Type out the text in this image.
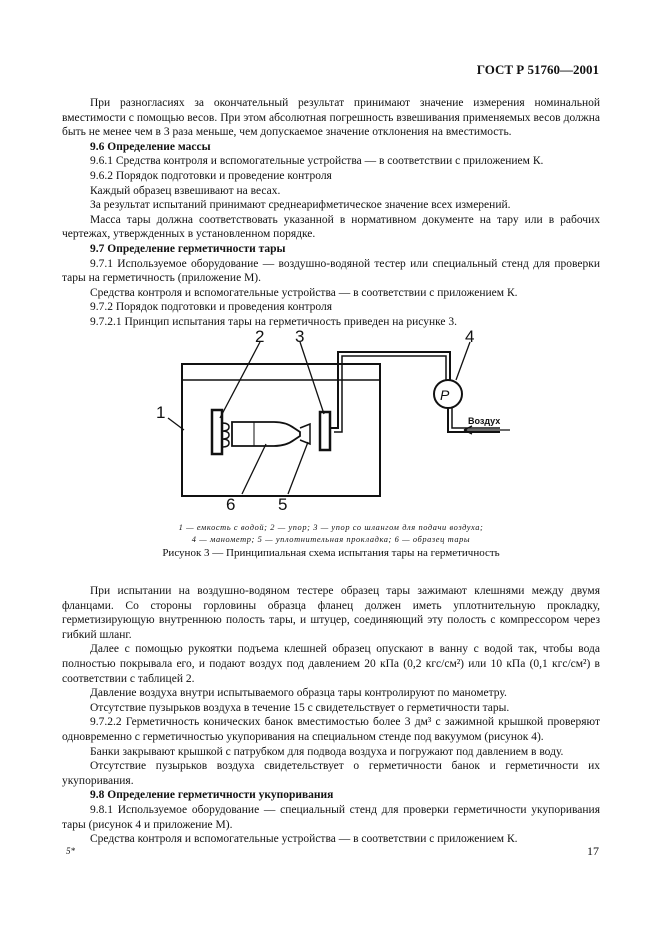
ГОСТ Р 51760—2001

При разногласиях за окончательный результат принимают значение измерения номинальной вместимости с помощью весов. При этом абсолютная погрешность взвешивания применяемых весов должна быть не менее чем в 3 раза меньше, чем допускаемое значение отклонения на вместимость.

9.6 Определение массы

9.6.1 Средства контроля и вспомогательные устройства — в соответствии с приложением К.

9.6.2 Порядок подготовки и проведение контроля

Каждый образец взвешивают на весах.

За результат испытаний принимают среднеарифметическое значение всех измерений.

Масса тары должна соответствовать указанной в нормативном документе на тару или в рабочих чертежах, утвержденных в установленном порядке.

9.7 Определение герметичности тары

9.7.1 Используемое оборудование — воздушно-водяной тестер или специальный стенд для проверки тары на герметичность (приложение М).

Средства контроля и вспомогательные устройства — в соответствии с приложением К.

9.7.2 Порядок подготовки и проведения контроля

9.7.2.1 Принцип испытания тары на герметичность приведен на рисунке 3.

1
2 3	4
6	5
P
Воздух
1 — емкость с водой; 2 — упор; 3 — упор со шлангом для подачи воздуха;
4 — манометр; 5 — уплотнительная прокладка; 6 — образец тары
Рисунок 3 — Принципиальная схема испытания тары на герметичность

При испытании на воздушно-водяном тестере образец тары зажимают клешнями между двумя фланцами. Со стороны горловины образца фланец должен иметь уплотнительную прокладку, герметизирующую внутреннюю полость тары, и штуцер, соединяющий эту полость с компрессором через гибкий шланг.

Далее с помощью рукоятки подъема клешней образец опускают в ванну с водой так, чтобы вода полностью покрывала его, и подают воздух под давлением 20 кПа (0,2 кгс/см²) или 10 кПа (0,1 кгс/см²) в соответствии с таблицей 2.

Давление воздуха внутри испытываемого образца тары контролируют по манометру.

Отсутствие пузырьков воздуха в течение 15 с свидетельствует о герметичности тары.

9.7.2.2 Герметичность конических банок вместимостью более 3 дм³ с зажимной крышкой проверяют одновременно с герметичностью укупоривания на специальном стенде под вакуумом (рисунок 4).

Банки закрывают крышкой с патрубком для подвода воздуха и погружают под давлением в воду.

Отсутствие пузырьков воздуха свидетельствует о герметичности банок и герметичности их укупоривания.

9.8 Определение герметичности укупоривания

9.8.1 Используемое оборудование — специальный стенд для проверки герметичности укупоривания тары (рисунок 4 и приложение М).

Средства контроля и вспомогательные устройства — в соответствии с приложением К.

5*	17
